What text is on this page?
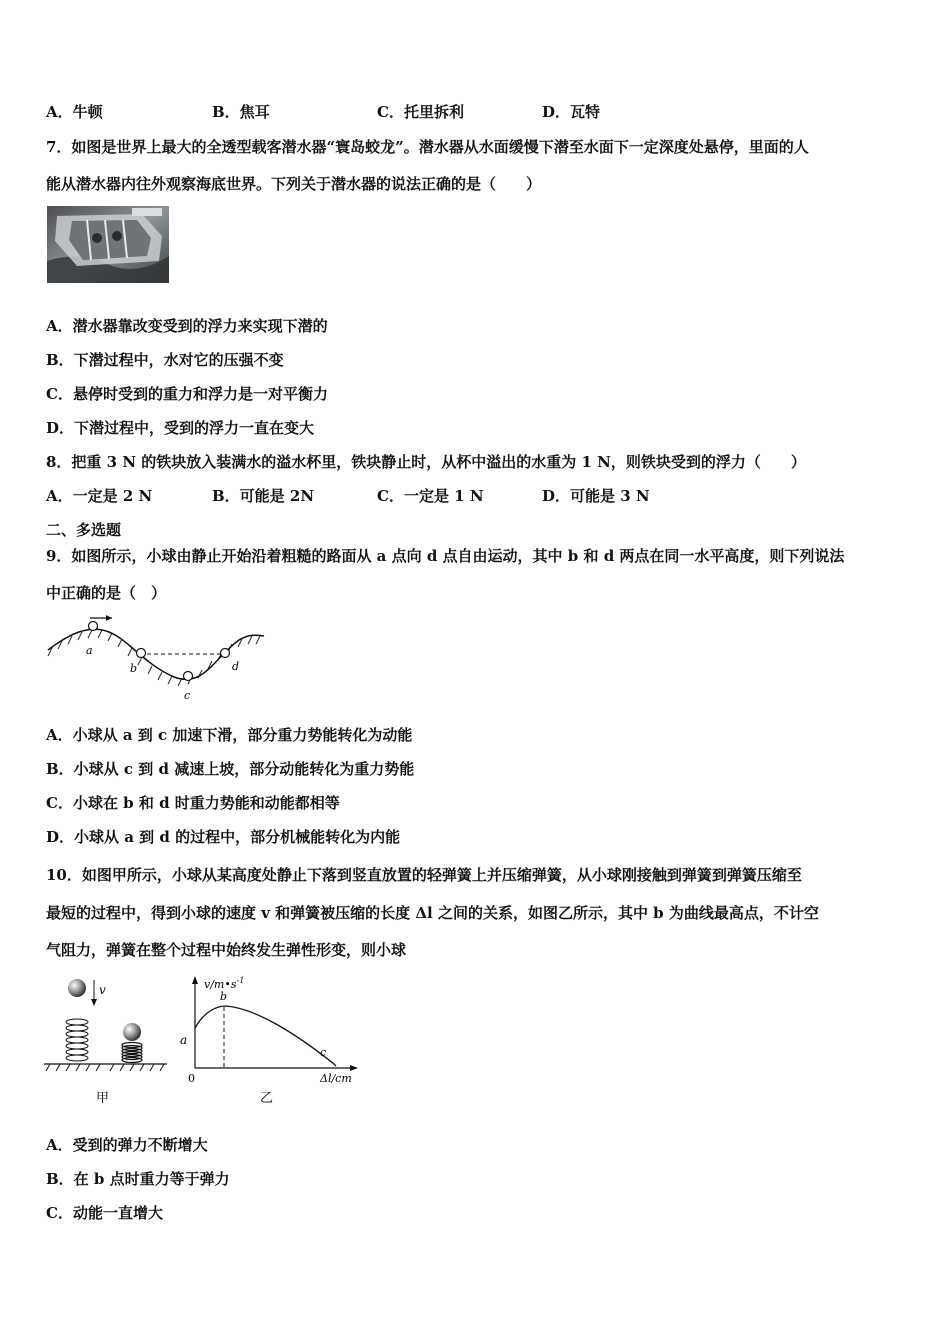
A．牛顿	B．焦耳	C．托里拆利	D．瓦特
7．如图是世界上最大的全透型载客潜水器“寰岛蛟龙”。潜水器从水面缓慢下潜至水面下一定深度处悬停，里面的人
能从潜水器内往外观察海底世界。下列关于潜水器的说法正确的是（　　）
A．潜水器靠改变受到的浮力来实现下潜的
B．下潜过程中，水对它的压强不变
C．悬停时受到的重力和浮力是一对平衡力
D．下潜过程中，受到的浮力一直在变大
8．把重 3 N 的铁块放入装满水的溢水杯里，铁块静止时，从杯中溢出的水重为 1 N，则铁块受到的浮力（　　）
A．一定是 2 N	B．可能是 2N	C．一定是 1 N	D．可能是 3 N
二、多选题
9．如图所示，小球由静止开始沿着粗糙的路面从 a 点向 d 点自由运动，其中 b 和 d 两点在同一水平高度，则下列说法
中正确的是（　）
a
b
c
d
A．小球从 a 到 c 加速下滑，部分重力势能转化为动能
B．小球从 c 到 d 减速上坡，部分动能转化为重力势能
C．小球在 b 和 d 时重力势能和动能都相等
D．小球从 a 到 d 的过程中，部分机械能转化为内能
10．如图甲所示，小球从某高度处静止下落到竖直放置的轻弹簧上并压缩弹簧，从小球刚接触到弹簧到弹簧压缩至
最短的过程中，得到小球的速度 v 和弹簧被压缩的长度 Δl 之间的关系，如图乙所示，其中 b 为曲线最高点，不计空
气阻力，弹簧在整个过程中始终发生弹性形变，则小球
v
甲
$v/m•s^{-1}$
b
a
c
0	Δl/cm
乙
A．受到的弹力不断增大
B．在 b 点时重力等于弹力
C．动能一直增大
